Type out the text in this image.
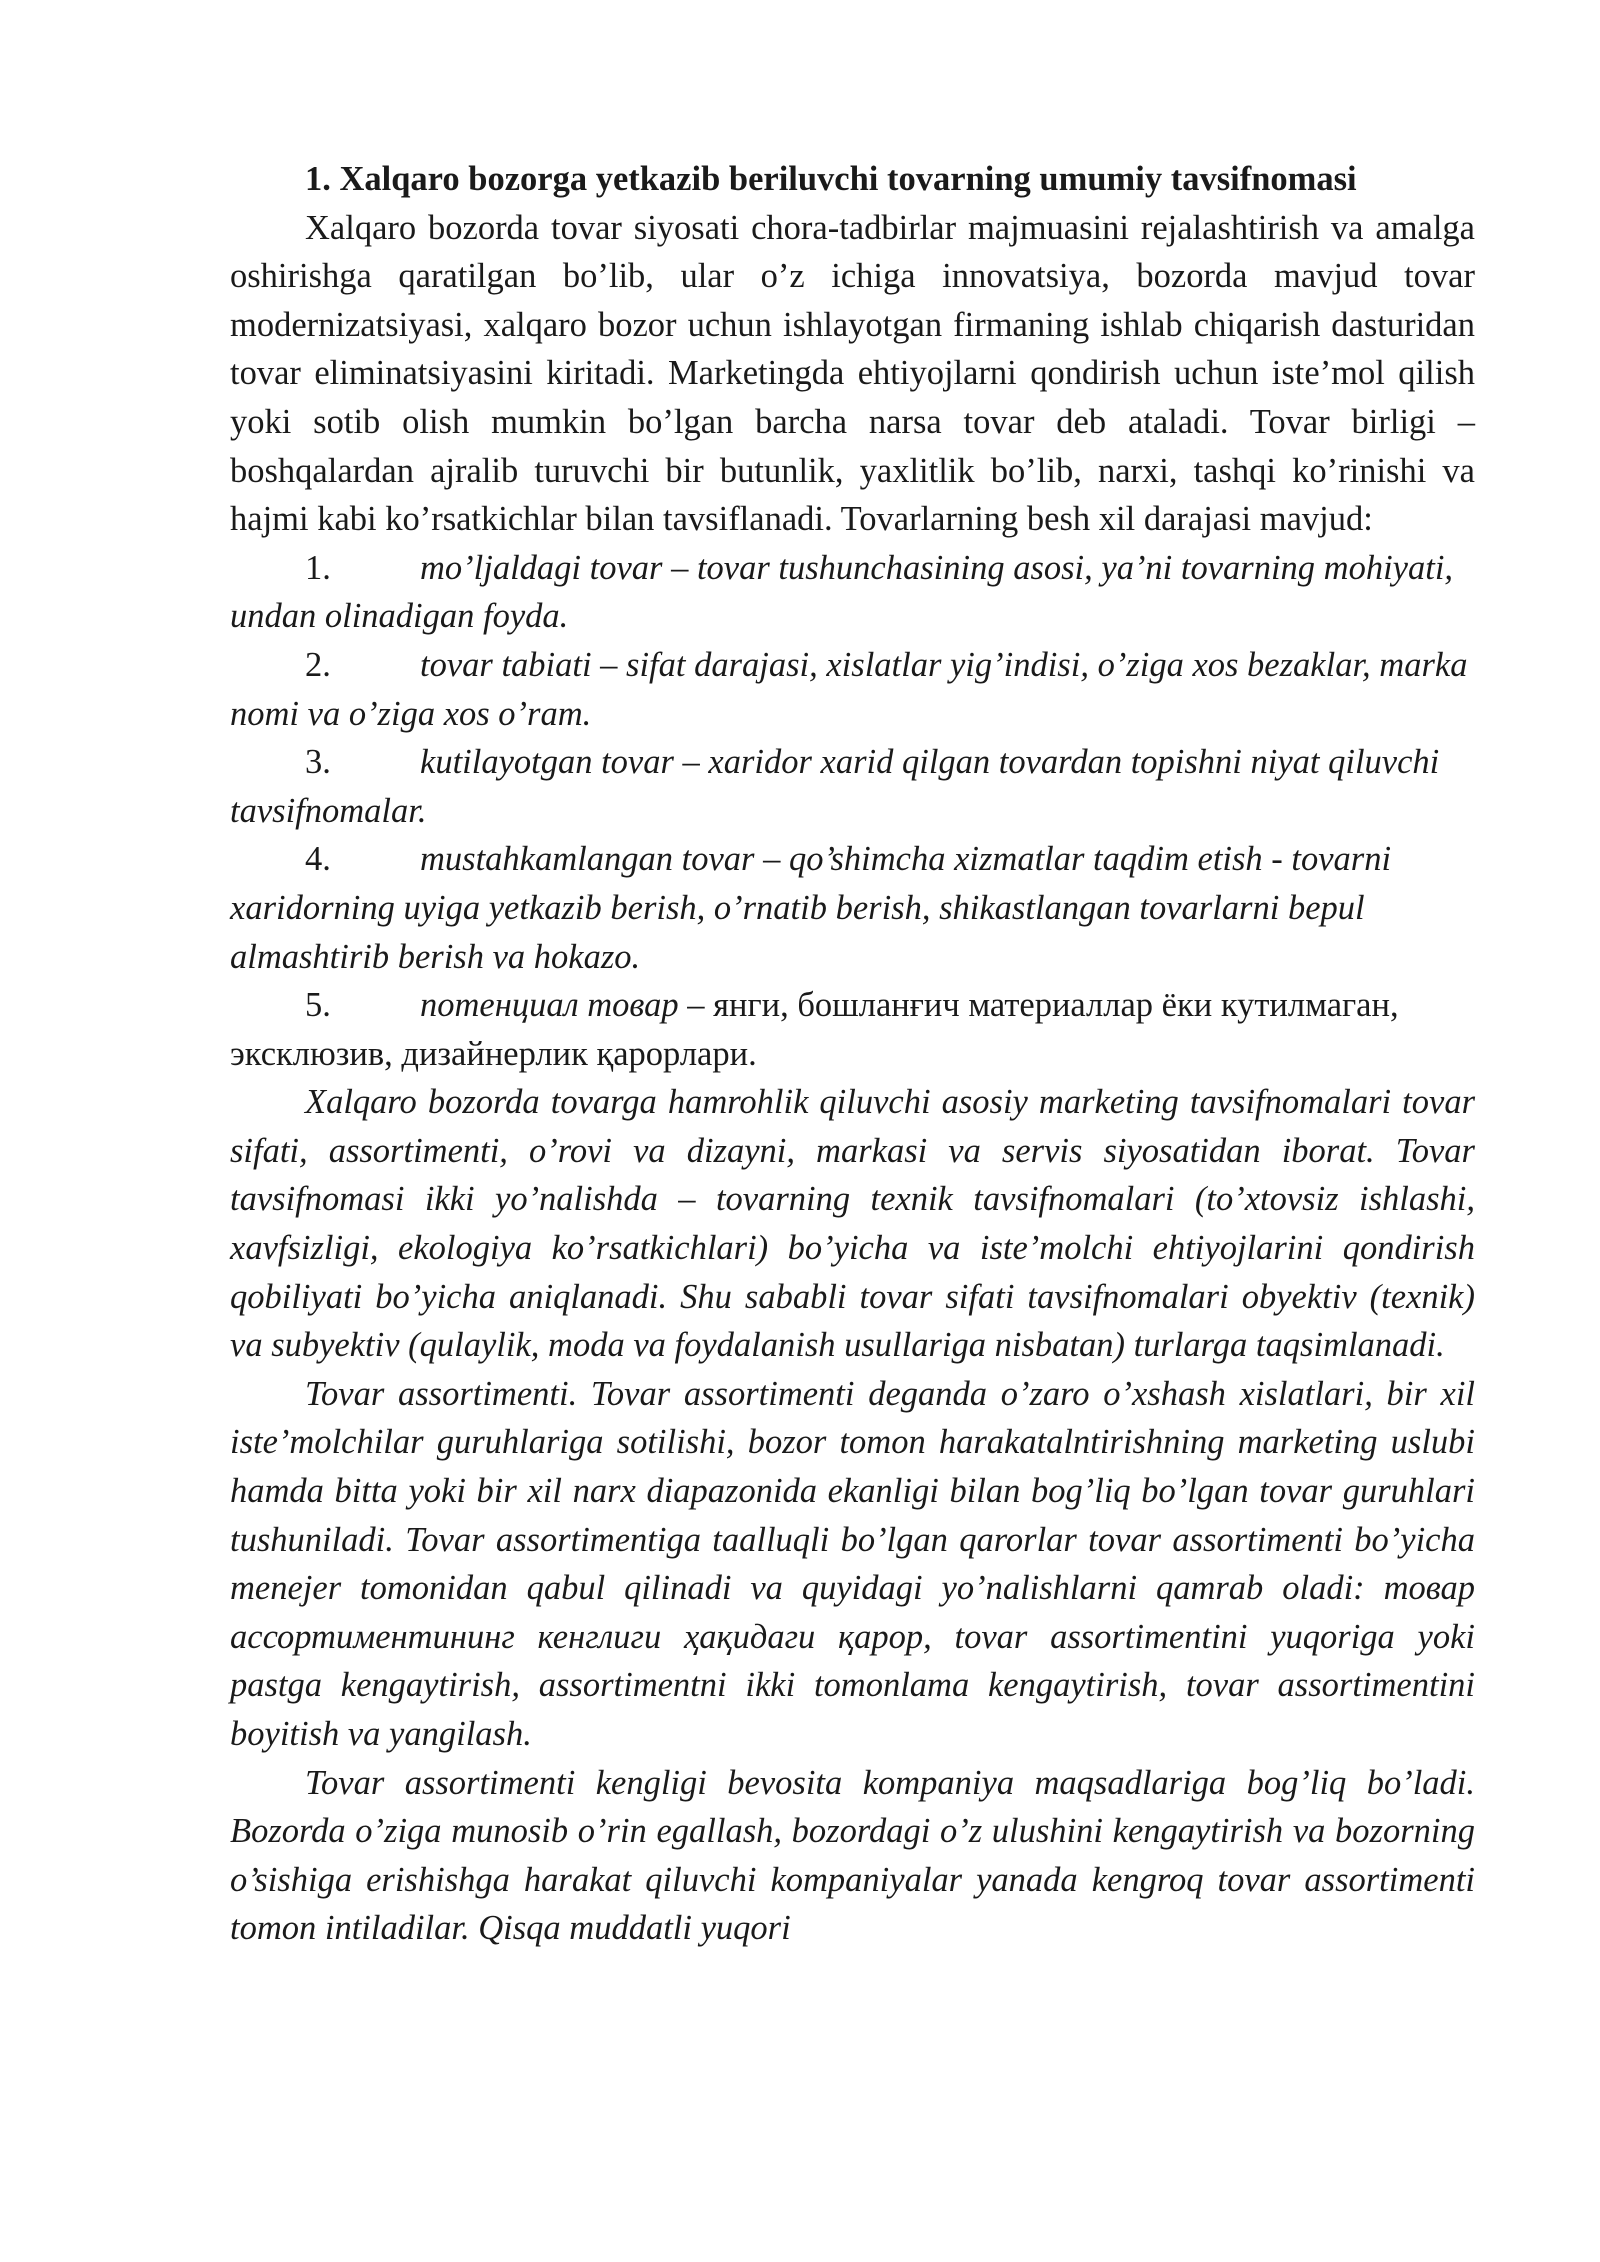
1. Xalqaro bozorga yetkazib beriluvchi tovarning umumiy tavsifnomasi

Xalqaro bozorda tovar siyosati chora-tadbirlar majmuasini rejalashtirish va amalga oshirishga qaratilgan bo’lib, ular o’z ichiga innovatsiya, bozorda mavjud tovar modernizatsiyasi, xalqaro bozor uchun ishlayotgan firmaning ishlab chiqarish dasturidan tovar eliminatsiyasini kiritadi. Marketingda ehtiyojlarni qondirish uchun iste’mol qilish yoki sotib olish mumkin bo’lgan barcha narsa tovar deb ataladi. Tovar birligi – boshqalardan ajralib turuvchi bir butunlik, yaxlitlik bo’lib, narxi, tashqi ko’rinishi va hajmi kabi ko’rsatkichlar bilan tavsiflanadi. Tovarlarning besh xil darajasi mavjud:

1.	mo’ljaldagi tovar – tovar tushunchasining asosi, ya’ni tovarning mohiyati, undan olinadigan foyda.

2.	tovar tabiati – sifat darajasi, xislatlar yig’indisi, o’ziga xos bezaklar, marka nomi va o’ziga xos o’ram.

3.	kutilayotgan tovar – xaridor xarid qilgan tovardan topishni niyat qiluvchi tavsifnomalar.

4.	mustahkamlangan tovar – qo’shimcha xizmatlar taqdim etish - tovarni xaridorning uyiga yetkazib berish, o’rnatib berish, shikastlangan tovarlarni bepul almashtirib berish va hokazo.

5.	потенциал товар – янги, бошланғич материаллар ёки кутилмаган, эксклюзив, дизайнерлик қарорлари.

Xalqaro bozorda tovarga hamrohlik qiluvchi asosiy marketing tavsifnomalari tovar sifati, assortimenti, o’rovi va dizayni, markasi va servis siyosatidan iborat. Tovar tavsifnomasi ikki yo’nalishda – tovarning texnik tavsifnomalari (to’xtovsiz ishlashi, xavfsizligi, ekologiya ko’rsatkichlari) bo’yicha va iste’molchi ehtiyojlarini qondirish qobiliyati bo’yicha aniqlanadi. Shu sababli tovar sifati tavsifnomalari obyektiv (texnik) va subyektiv (qulaylik, moda va foydalanish usullariga nisbatan) turlarga taqsimlanadi.

Tovar assortimenti. Tovar assortimenti deganda o’zaro o’xshash xislatlari, bir xil iste’molchilar guruhlariga sotilishi, bozor tomon harakatalntirishning marketing uslubi hamda bitta yoki bir xil narx diapazonida ekanligi bilan bog’liq bo’lgan tovar guruhlari tushuniladi. Tovar assortimentiga taalluqli bo’lgan qarorlar tovar assortimenti bo’yicha menejer tomonidan qabul qilinadi va quyidagi yo’nalishlarni qamrab oladi: товар ассортиментининг кенглиги ҳақидаги қарор, tovar assortimentini yuqoriga yoki pastga kengaytirish, assortimentni ikki tomonlama kengaytirish, tovar assortimentini boyitish va yangilash.

Tovar assortimenti kengligi bevosita kompaniya maqsadlariga bog’liq bo’ladi. Bozorda o’ziga munosib o’rin egallash, bozordagi o’z ulushini kengaytirish va bozorning o’sishiga erishishga harakat qiluvchi kompaniyalar yanada kengroq tovar assortimenti tomon intiladilar. Qisqa muddatli yuqori
